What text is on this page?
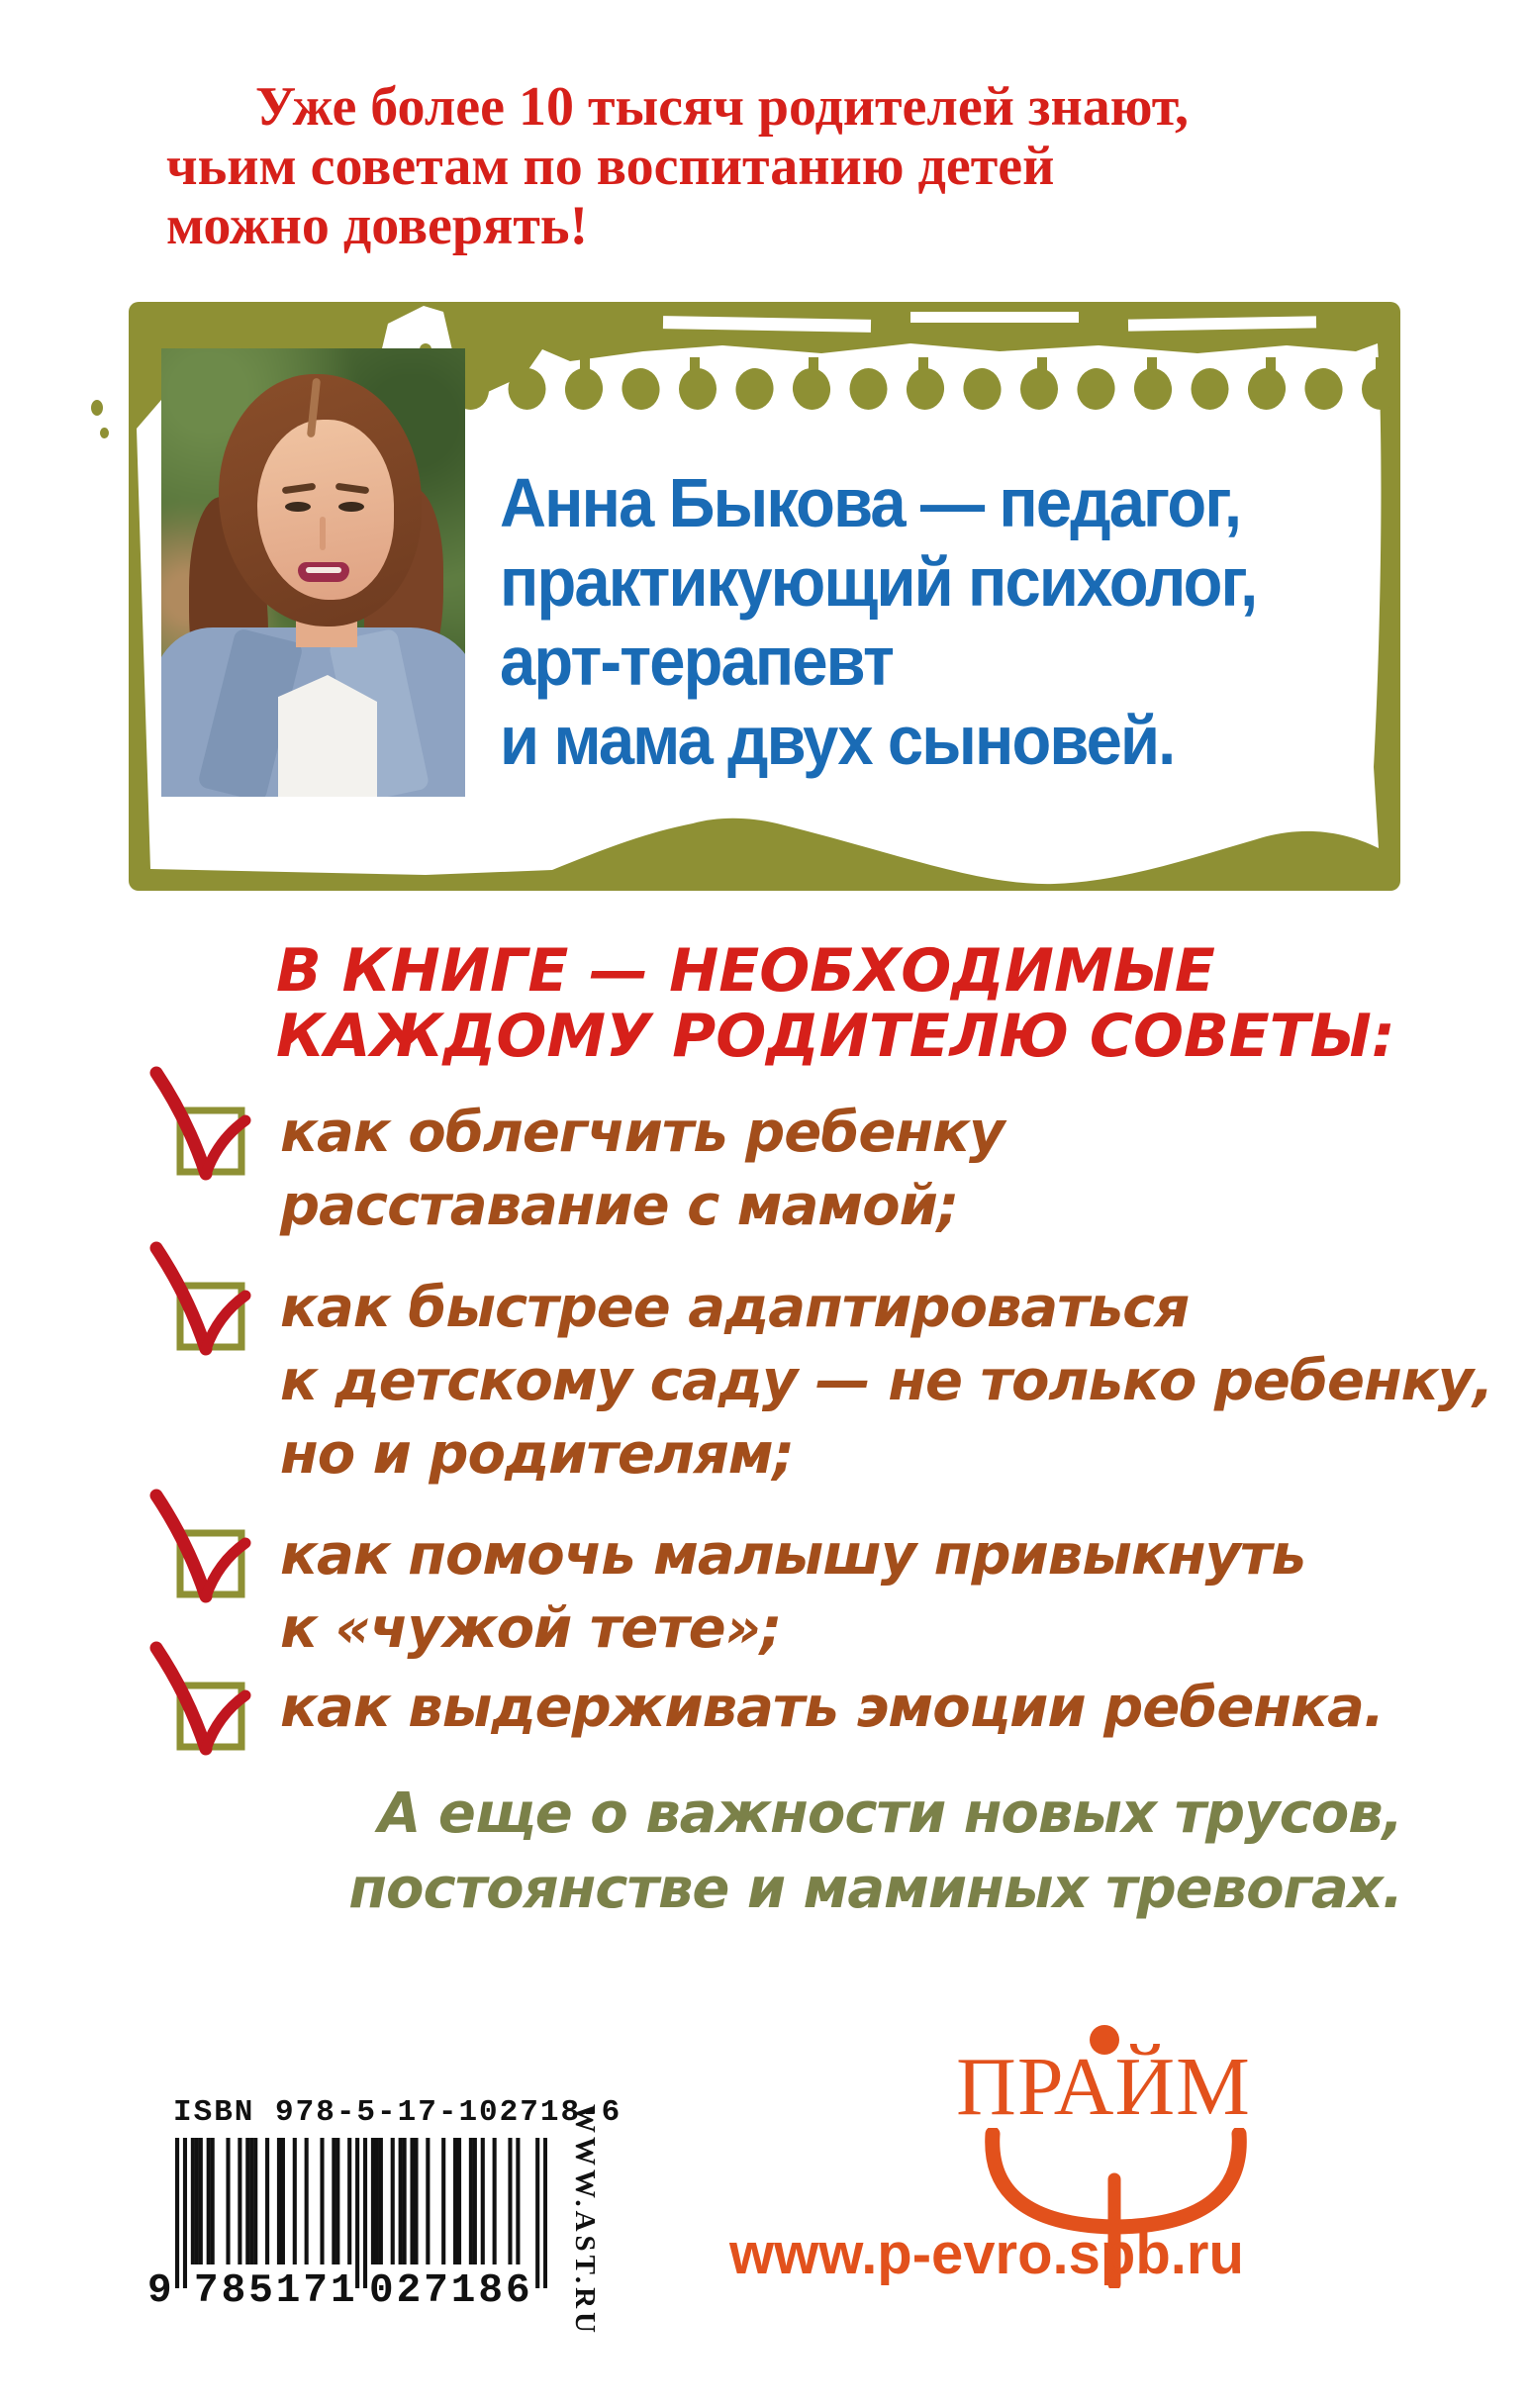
Уже более 10 тысяч родителей знают,
чьим советам по воспитанию детей
можно доверять!
Анна Быкова — педагог,
практикующий психолог,
арт-терапевт
и мама двух сыновей.
В КНИГЕ — НЕОБХОДИМЫЕ
КАЖДОМУ РОДИТЕЛЮ СОВЕТЫ:
как облегчить ребенку
расставание с мамой;
как быстрее адаптироваться
к детскому саду — не только ребенку,
но и родителям;
как помочь малышу привыкнуть
к «чужой тете»;
как выдерживать эмоции ребенка.
А еще о важности новых трусов,
постоянстве и маминых тревогах.
ISBN 978-5-17-102718-6
9 785171 027186 WWW.AST.RU
ПРАЙМ
www.p-evro.spb.ru
